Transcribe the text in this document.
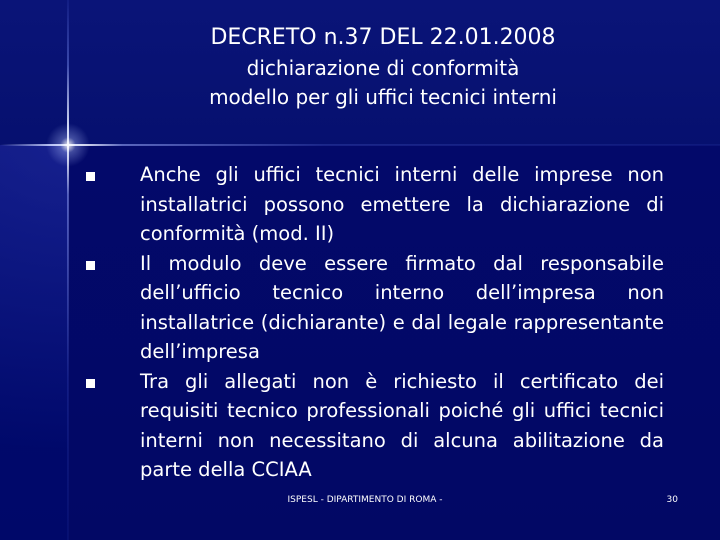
DECRETO n.37 DEL 22.01.2008

dichiarazione di conformità

modello per gli uffici tecnici interni

Anche gli uffici tecnici interni delle imprese non installatrici possono emettere la dichiarazione di conformità (mod. II)
Il modulo deve essere firmato dal responsabile dell’ufficio tecnico interno dell’impresa non installatrice (dichiarante) e dal legale rappresentante dell’impresa
Tra gli allegati non è richiesto il certificato dei requisiti tecnico professionali poiché gli uffici tecnici interni non necessitano di alcuna abilitazione da parte della CCIAA
ISPESL - DIPARTIMENTO DI ROMA -	30
